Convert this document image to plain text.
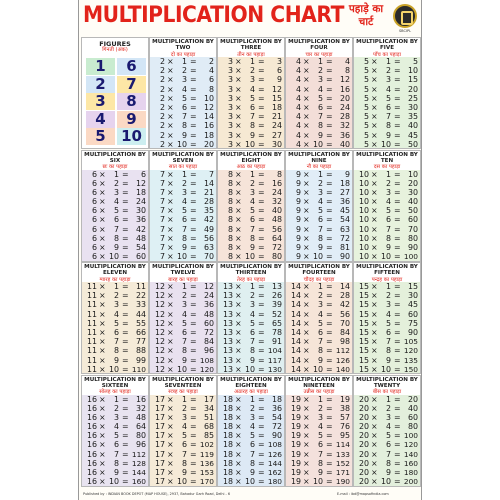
MULTIPLICATION CHART पहाड़े का चार्ट
SBCIPL
FIGURES
गिनती (अंक)
1	6
2	7
3	8
4	9
5	10
MULTIPLICATION BY TWO
दो का पहाड़ा
2 ×	1 =	2
2 ×	2 =	4
2 ×	3 =	6
2 ×	4 =	8
2 ×	5 = 10
2 ×	6 = 12
2 ×	7 = 14
2 ×	8 = 16
2 ×	9 = 18
2 × 10 = 20
MULTIPLICATION BY THREE
तीन का पहाड़ा
3 ×	1 =	3
3 ×	2 =	6
3 ×	3 =	9
3 ×	4 = 12
3 ×	5 = 15
3 ×	6 = 18
3 ×	7 = 21
3 ×	8 = 24
3 ×	9 = 27
3 × 10 = 30
MULTIPLICATION BY FOUR
चार का पहाड़ा
4 ×	1 =	4
4 ×	2 =	8
4 ×	3 = 12
4 ×	4 = 16
4 ×	5 = 20
4 ×	6 = 24
4 ×	7 = 28
4 ×	8 = 32
4 ×	9 = 36
4 × 10 = 40
MULTIPLICATION BY FIVE
पाँच का पहाड़ा
5 ×	1 =	5
5 ×	2 = 10
5 ×	3 = 15
5 ×	4 = 20
5 ×	5 = 25
5 ×	6 = 30
5 ×	7 = 35
5 ×	8 = 40
5 ×	9 = 45
5 × 10 = 50
MULTIPLICATION BY SIX
छः का पहाड़ा
6 ×	1 =	6
6 ×	2 = 12
6 ×	3 = 18
6 ×	4 = 24
6 ×	5 = 30
6 ×	6 = 36
6 ×	7 = 42
6 ×	8 = 48
6 ×	9 = 54
6 × 10 = 60
MULTIPLICATION BY SEVEN
सात का पहाड़ा
7 ×	1 =	7
7 ×	2 = 14
7 ×	3 = 21
7 ×	4 = 28
7 ×	5 = 35
7 ×	6 = 42
7 ×	7 = 49
7 ×	8 = 56
7 ×	9 = 63
7 × 10 = 70
MULTIPLICATION BY EIGHT
आठ का पहाड़ा
8 ×	1 =	8
8 ×	2 = 16
8 ×	3 = 24
8 ×	4 = 32
8 ×	5 = 40
8 ×	6 = 48
8 ×	7 = 56
8 ×	8 = 64
8 ×	9 = 72
8 × 10 = 80
MULTIPLICATION BY NINE
नौ का पहाड़ा
9 ×	1 =	9
9 ×	2 = 18
9 ×	3 = 27
9 ×	4 = 36
9 ×	5 = 45
9 ×	6 = 54
9 ×	7 = 63
9 ×	8 = 72
9 ×	9 = 81
9 × 10 = 90
MULTIPLICATION BY TEN
दस का पहाड़ा
10 ×	1 = 10
10 ×	2 = 20
10 ×	3 = 30
10 ×	4 = 40
10 ×	5 = 50
10 ×	6 = 60
10 ×	7 = 70
10 ×	8 = 80
10 ×	9 = 90
10 × 10 = 100
MULTIPLICATION BY ELEVEN
ग्यारह का पहाड़ा
11 ×	1 = 11
11 ×	2 = 22
11 ×	3 = 33
11 ×	4 = 44
11 ×	5 = 55
11 ×	6 = 66
11 ×	7 = 77
11 ×	8 = 88
11 ×	9 = 99
11 × 10 = 110
MULTIPLICATION BY TWELVE
बारह का पहाड़ा
12 ×	1 = 12
12 ×	2 = 24
12 ×	3 = 36
12 ×	4 = 48
12 ×	5 = 60
12 ×	6 = 72
12 ×	7 = 84
12 ×	8 = 96
12 ×	9 = 108
12 × 10 = 120
MULTIPLICATION BY THIRTEEN
तेरह का पहाड़ा
13 ×	1 = 13
13 ×	2 = 26
13 ×	3 = 39
13 ×	4 = 52
13 ×	5 = 65
13 ×	6 = 78
13 ×	7 = 91
13 ×	8 = 104
13 ×	9 = 117
13 × 10 = 130
MULTIPLICATION BY FOURTEEN
चौदह का पहाड़ा
14 ×	1 = 14
14 ×	2 = 28
14 ×	3 = 42
14 ×	4 = 56
14 ×	5 = 70
14 ×	6 = 84
14 ×	7 = 98
14 ×	8 = 112
14 ×	9 = 126
14 × 10 = 140
MULTIPLICATION BY FIFTEEN
पन्द्रह का पहाड़ा
15 ×	1 = 15
15 ×	2 = 30
15 ×	3 = 45
15 ×	4 = 60
15 ×	5 = 75
15 ×	6 = 90
15 ×	7 = 105
15 ×	8 = 120
15 ×	9 = 135
15 × 10 = 150
MULTIPLICATION BY SIXTEEN
सोलह का पहाड़ा
16 ×	1 = 16
16 ×	2 = 32
16 ×	3 = 48
16 ×	4 = 64
16 ×	5 = 80
16 ×	6 = 96
16 ×	7 = 112
16 ×	8 = 128
16 ×	9 = 144
16 × 10 = 160
MULTIPLICATION BY SEVENTEEN
सत्रह का पहाड़ा
17 ×	1 = 17
17 ×	2 = 34
17 ×	3 = 51
17 ×	4 = 68
17 ×	5 = 85
17 ×	6 = 102
17 ×	7 = 119
17 ×	8 = 136
17 ×	9 = 153
17 × 10 = 170
MULTIPLICATION BY EIGHTEEN
अठारह का पहाड़ा
18 ×	1 = 18
18 ×	2 = 36
18 ×	3 = 54
18 ×	4 = 72
18 ×	5 = 90
18 ×	6 = 108
18 ×	7 = 126
18 ×	8 = 144
18 ×	9 = 162
18 × 10 = 180
MULTIPLICATION BY NINETEEN
उन्नीस का पहाड़ा
19 ×	1 = 19
19 ×	2 = 38
19 ×	3 = 57
19 ×	4 = 76
19 ×	5 = 95
19 ×	6 = 114
19 ×	7 = 133
19 ×	8 = 152
19 ×	9 = 171
19 × 10 = 190
MULTIPLICATION BY TWENTY
बीस का पहाड़ा
20 ×	1 = 20
20 ×	2 = 40
20 ×	3 = 60
20 ×	4 = 80
20 ×	5 = 100
20 ×	6 = 120
20 ×	7 = 140
20 ×	8 = 160
20 ×	9 = 180
20 × 10 = 200
Published by : INDIAN BOOK DEPOT (MAP HOUSE), 2937, Bahadur Garh Road, Delhi - 6	E-mail : ibd@mapsofindia.com
